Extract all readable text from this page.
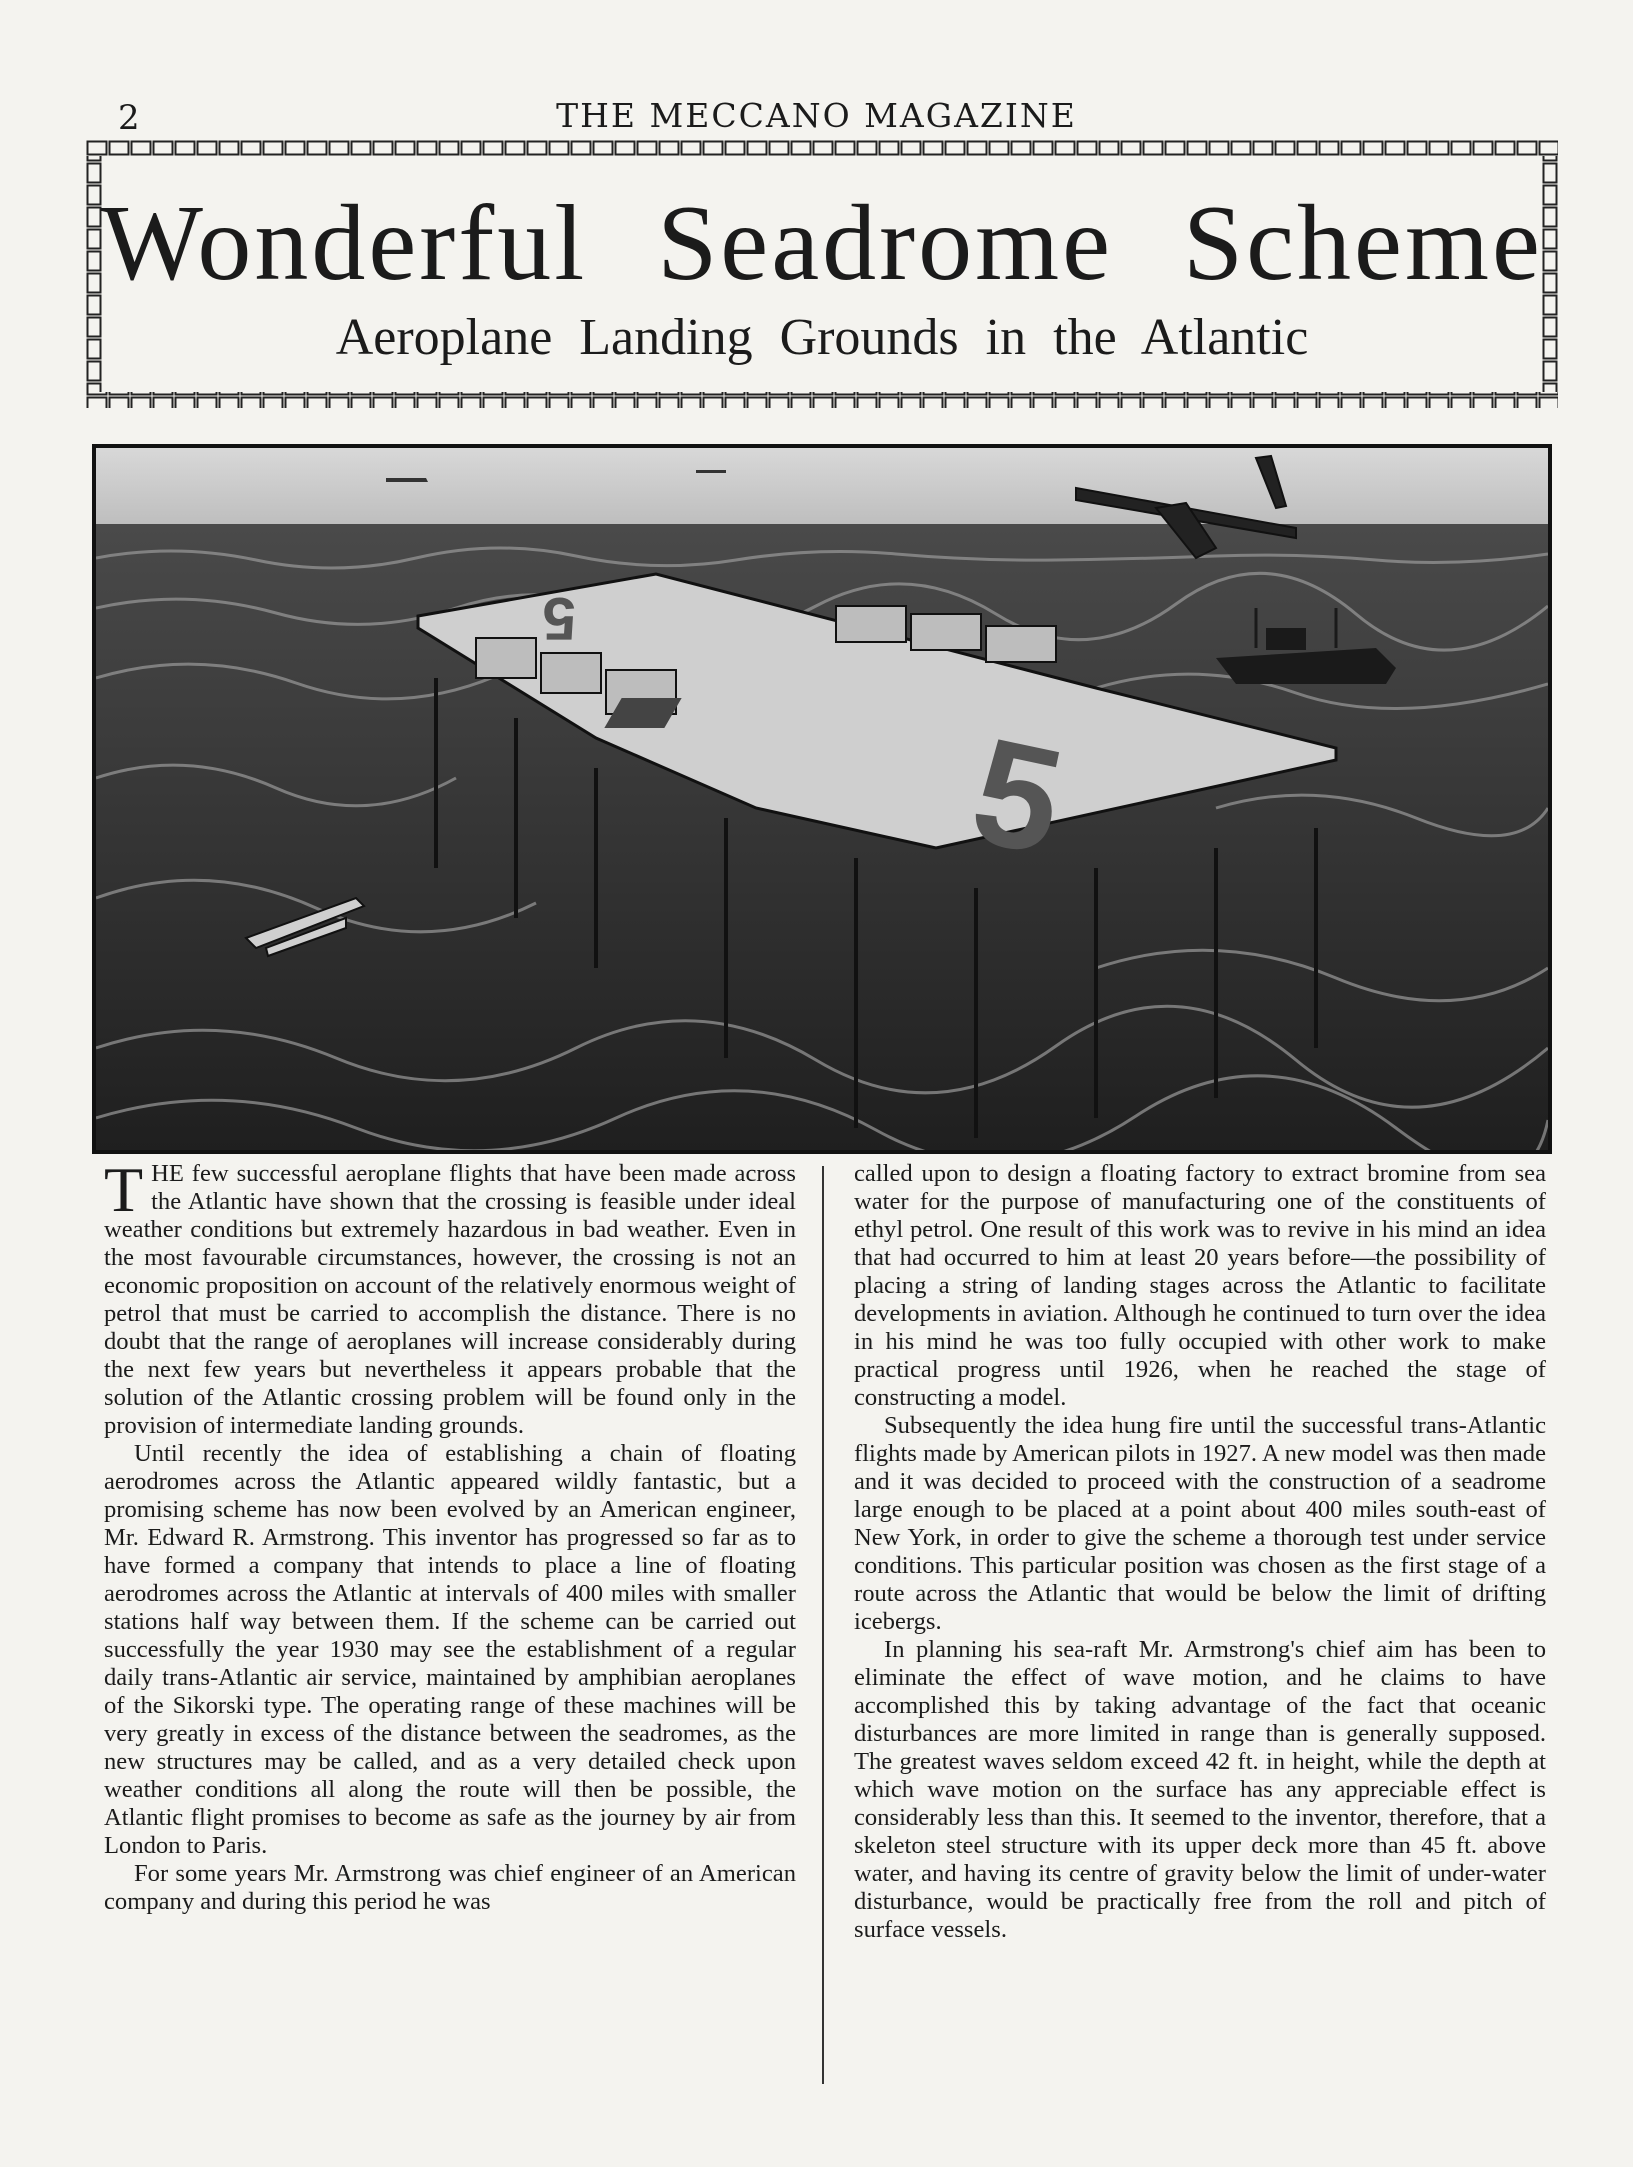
2	THE MECCANO MAGAZINE
Wonderful Seadrome Scheme
Aeroplane Landing Grounds in the Atlantic
5
5

THE few successful aeroplane flights that have been made across the Atlantic have shown that the crossing is feasible under ideal weather conditions but extremely hazardous in bad weather. Even in the most favourable circumstances, however, the crossing is not an economic proposition on account of the relatively enormous weight of petrol that must be carried to accomplish the distance. There is no doubt that the range of aeroplanes will increase considerably during the next few years but nevertheless it appears probable that the solution of the Atlantic crossing problem will be found only in the provision of intermediate landing grounds.

Until recently the idea of establishing a chain of floating aerodromes across the Atlantic appeared wildly fantastic, but a promising scheme has now been evolved by an American engineer, Mr. Edward R. Armstrong. This inventor has progressed so far as to have formed a company that intends to place a line of floating aerodromes across the Atlantic at intervals of 400 miles with smaller stations half way between them. If the scheme can be carried out successfully the year 1930 may see the establishment of a regular daily trans-Atlantic air service, maintained by amphibian aeroplanes of the Sikorski type. The operating range of these machines will be very greatly in excess of the distance between the seadromes, as the new structures may be called, and as a very detailed check upon weather conditions all along the route will then be possible, the Atlantic flight promises to become as safe as the journey by air from London to Paris.

For some years Mr. Armstrong was chief engineer of an American company and during this period he was

called upon to design a floating factory to extract bromine from sea water for the purpose of manufacturing one of the constituents of ethyl petrol. One result of this work was to revive in his mind an idea that had occurred to him at least 20 years before—the possibility of placing a string of landing stages across the Atlantic to facilitate developments in aviation. Although he continued to turn over the idea in his mind he was too fully occupied with other work to make practical progress until 1926, when he reached the stage of constructing a model.

Subsequently the idea hung fire until the successful trans-Atlantic flights made by American pilots in 1927. A new model was then made and it was decided to proceed with the construction of a seadrome large enough to be placed at a point about 400 miles south-east of New York, in order to give the scheme a thorough test under service conditions. This particular position was chosen as the first stage of a route across the Atlantic that would be below the limit of drifting icebergs.

In planning his sea-raft Mr. Armstrong's chief aim has been to eliminate the effect of wave motion, and he claims to have accomplished this by taking advantage of the fact that oceanic disturbances are more limited in range than is generally supposed. The greatest waves seldom exceed 42 ft. in height, while the depth at which wave motion on the surface has any appreciable effect is considerably less than this. It seemed to the inventor, therefore, that a skeleton steel structure with its upper deck more than 45 ft. above water, and having its centre of gravity below the limit of under-water disturbance, would be practically free from the roll and pitch of surface vessels.
